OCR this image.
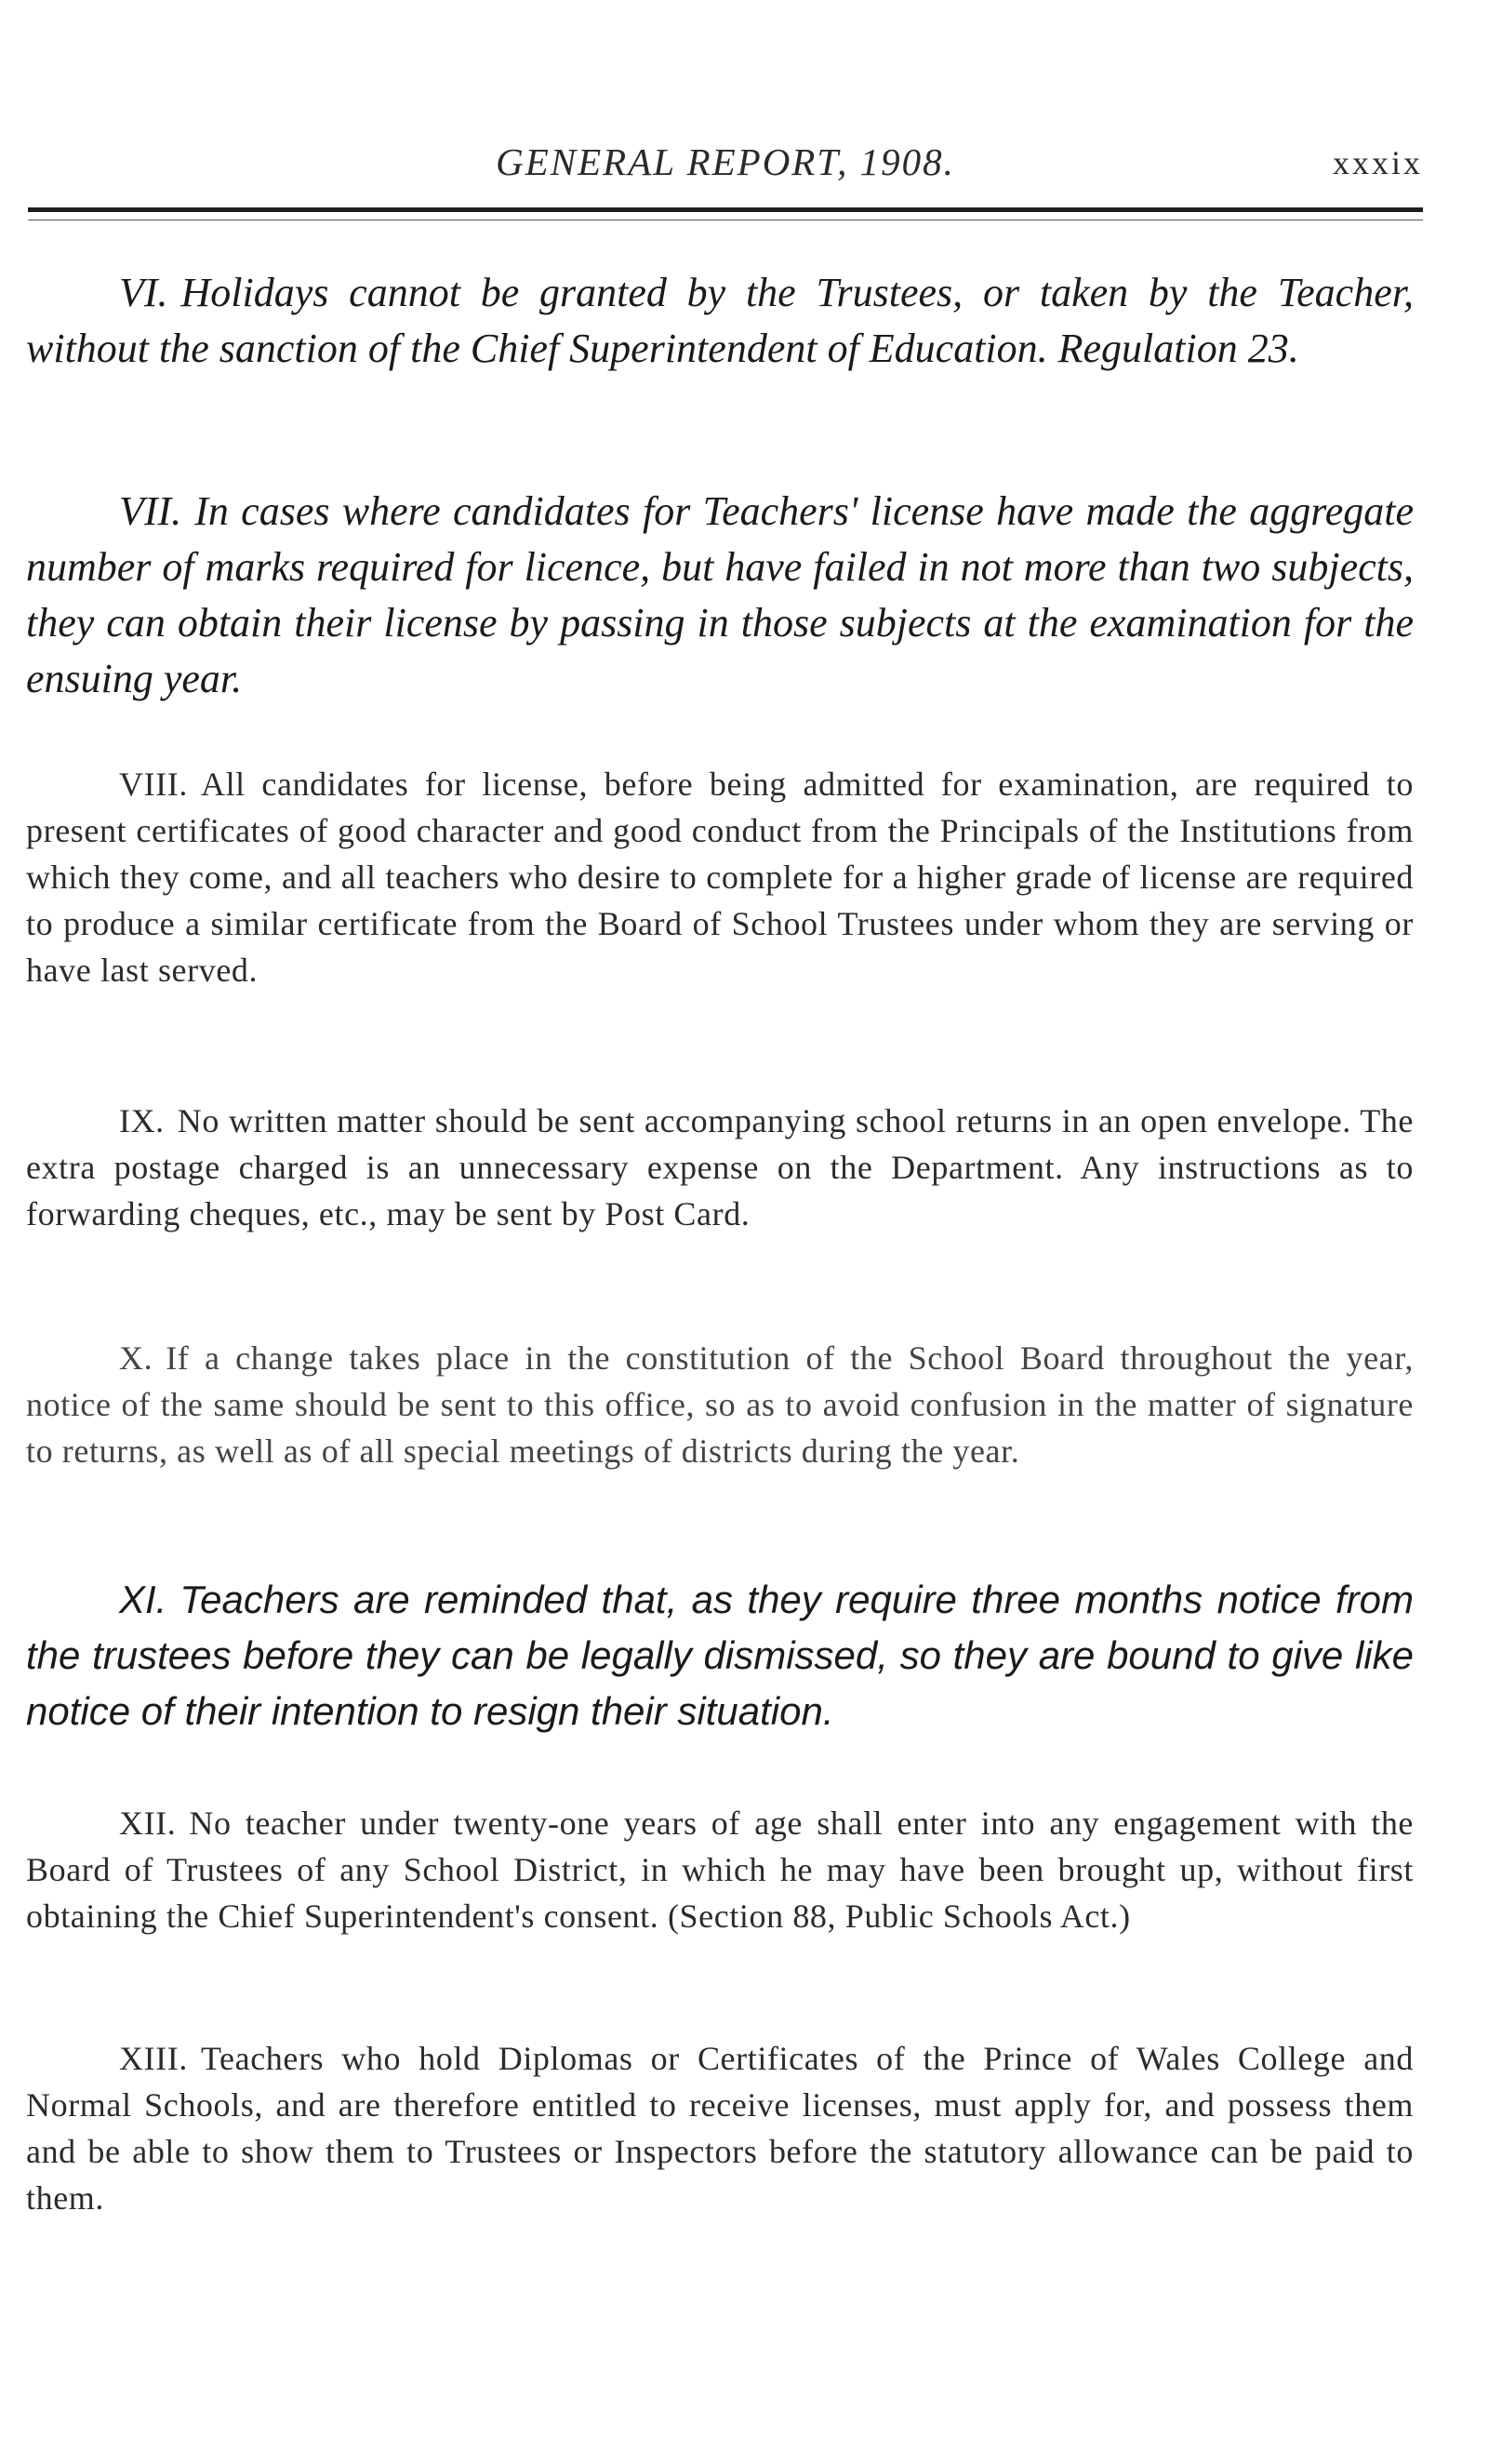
GENERAL REPORT, 1908.	xxxix

VI. Holidays cannot be granted by the Trustees, or taken by the Teacher, without the sanction of the Chief Superintendent of Education. Regulation 23.

VII. In cases where candidates for Teachers' license have made the aggregate number of marks required for licence, but have failed in not more than two subjects, they can obtain their license by passing in those subjects at the examination for the ensuing year.

VIII. All candidates for license, before being admitted for examination, are required to present certificates of good character and good conduct from the Principals of the Institutions from which they come, and all teachers who desire to complete for a higher grade of license are required to produce a similar certificate from the Board of School Trustees under whom they are serving or have last served.

IX. No written matter should be sent accompanying school returns in an open envelope. The extra postage charged is an unnecessary expense on the Department. Any instructions as to forwarding cheques, etc., may be sent by Post Card.

X. If a change takes place in the constitution of the School Board throughout the year, notice of the same should be sent to this office, so as to avoid confusion in the matter of signature to returns, as well as of all special meetings of districts during the year.

XI. Teachers are reminded that, as they require three months notice from the trustees before they can be legally dismissed, so they are bound to give like notice of their intention to resign their situation.

XII. No teacher under twenty-one years of age shall enter into any engagement with the Board of Trustees of any School District, in which he may have been brought up, without first obtaining the Chief Superintendent's consent. (Section 88, Public Schools Act.)

XIII. Teachers who hold Diplomas or Certificates of the Prince of Wales College and Normal Schools, and are therefore entitled to receive licenses, must apply for, and possess them and be able to show them to Trustees or Inspectors before the statutory allowance can be paid to them.
